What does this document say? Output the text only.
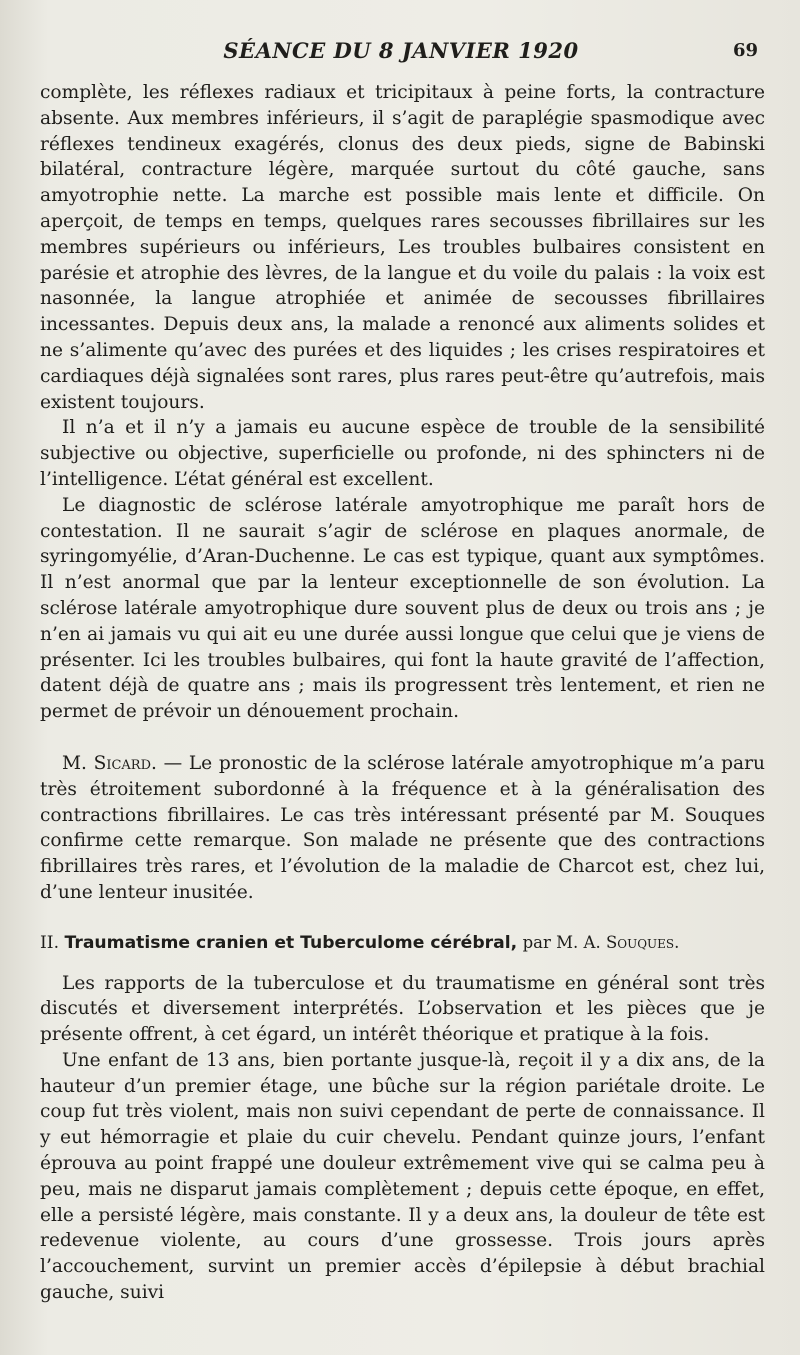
SÉANCE DU 8 JANVIER 1920	69

complète, les réflexes radiaux et tricipitaux à peine forts, la contracture absente. Aux membres inférieurs, il s’agit de paraplégie spasmodique avec réflexes tendineux exagérés, clonus des deux pieds, signe de Babinski bilatéral, contracture légère, marquée surtout du côté gauche, sans amyotrophie nette. La marche est possible mais lente et difficile. On aperçoit, de temps en temps, quelques rares secousses fibrillaires sur les membres supérieurs ou inférieurs, Les troubles bulbaires consistent en parésie et atrophie des lèvres, de la langue et du voile du palais : la voix est nasonnée, la langue atrophiée et animée de secousses fibrillaires incessantes. Depuis deux ans, la malade a renoncé aux aliments solides et ne s’alimente qu’avec des purées et des liquides ; les crises respiratoires et cardiaques déjà signalées sont rares, plus rares peut-être qu’autrefois, mais existent toujours.

Il n’a et il n’y a jamais eu aucune espèce de trouble de la sensibilité subjective ou objective, superficielle ou profonde, ni des sphincters ni de l’intelligence. L’état général est excellent.

Le diagnostic de sclérose latérale amyotrophique me paraît hors de contestation. Il ne saurait s’agir de sclérose en plaques anormale, de syringomyélie, d’Aran-Duchenne. Le cas est typique, quant aux symptômes. Il n’est anormal que par la lenteur exceptionnelle de son évolution. La sclérose latérale amyotrophique dure souvent plus de deux ou trois ans ; je n’en ai jamais vu qui ait eu une durée aussi longue que celui que je viens de présenter. Ici les troubles bulbaires, qui font la haute gravité de l’affection, datent déjà de quatre ans ; mais ils progressent très lentement, et rien ne permet de prévoir un dénouement prochain.

M. Sicard. — Le pronostic de la sclérose latérale amyotrophique m’a paru très étroitement subordonné à la fréquence et à la généralisation des contractions fibrillaires. Le cas très intéressant présenté par M. Souques confirme cette remarque. Son malade ne présente que des contractions fibrillaires très rares, et l’évolution de la maladie de Charcot est, chez lui, d’une lenteur inusitée.

II. Traumatisme cranien et Tuberculome cérébral, par M. A. Souques.

Les rapports de la tuberculose et du traumatisme en général sont très discutés et diversement interprétés. L’observation et les pièces que je présente offrent, à cet égard, un intérêt théorique et pratique à la fois.

Une enfant de 13 ans, bien portante jusque-là, reçoit il y a dix ans, de la hauteur d’un premier étage, une bûche sur la région pariétale droite. Le coup fut très violent, mais non suivi cependant de perte de connaissance. Il y eut hémorragie et plaie du cuir chevelu. Pendant quinze jours, l’enfant éprouva au point frappé une douleur extrêmement vive qui se calma peu à peu, mais ne disparut jamais complètement ; depuis cette époque, en effet, elle a persisté légère, mais constante. Il y a deux ans, la douleur de tête est redevenue violente, au cours d’une grossesse. Trois jours après l’accouchement, survint un premier accès d’épilepsie à début brachial gauche, suivi
